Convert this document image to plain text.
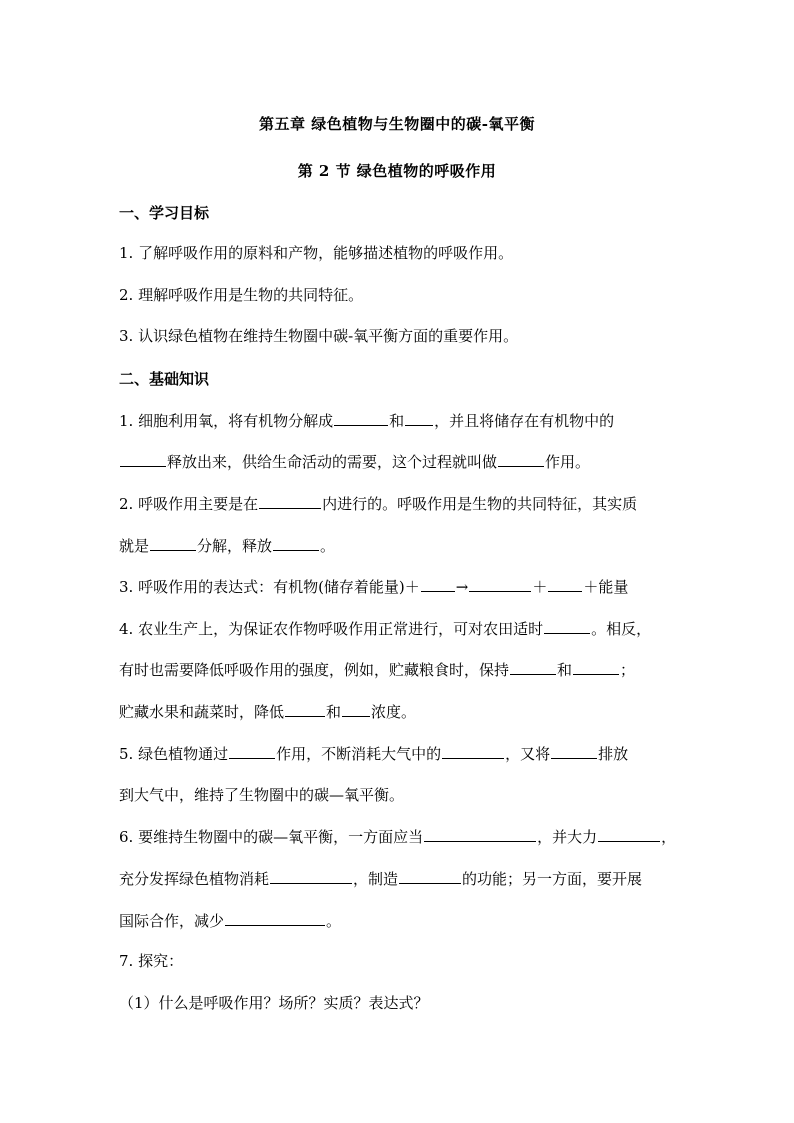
第五章 绿色植物与生物圈中的碳-氧平衡
第 2 节 绿色植物的呼吸作用
一、学习目标
1. 了解呼吸作用的原料和产物，能够描述植物的呼吸作用。
2. 理解呼吸作用是生物的共同特征。
3. 认识绿色植物在维持生物圈中碳-氧平衡方面的重要作用。
二、基础知识
1. 细胞利用氧，将有机物分解成	和 ，并且将储存在有机物中的
释放出来，供给生命活动的需要，这个过程就叫做	作用。
2. 呼吸作用主要是在	内进行的。呼吸作用是生物的共同特征，其实质
就是	分解，释放	。
3. 呼吸作用的表达式：有机物(储存着能量)＋ →	＋ ＋能量
4. 农业生产上，为保证农作物呼吸作用正常进行，可对农田适时	。相反，
有时也需要降低呼吸作用的强度，例如，贮藏粮食时，保持	和	；
贮藏水果和蔬菜时，降低	和 浓度。
5. 绿色植物通过	作用，不断消耗大气中的	，又将	排放
到大气中，维持了生物圈中的碳—氧平衡。
6. 要维持生物圈中的碳—氧平衡，一方面应当	，并大力	，
充分发挥绿色植物消耗	，制造	的功能；另一方面，要开展
国际合作，减少	。
7. 探究：
（1）什么是呼吸作用？场所？实质？表达式？
